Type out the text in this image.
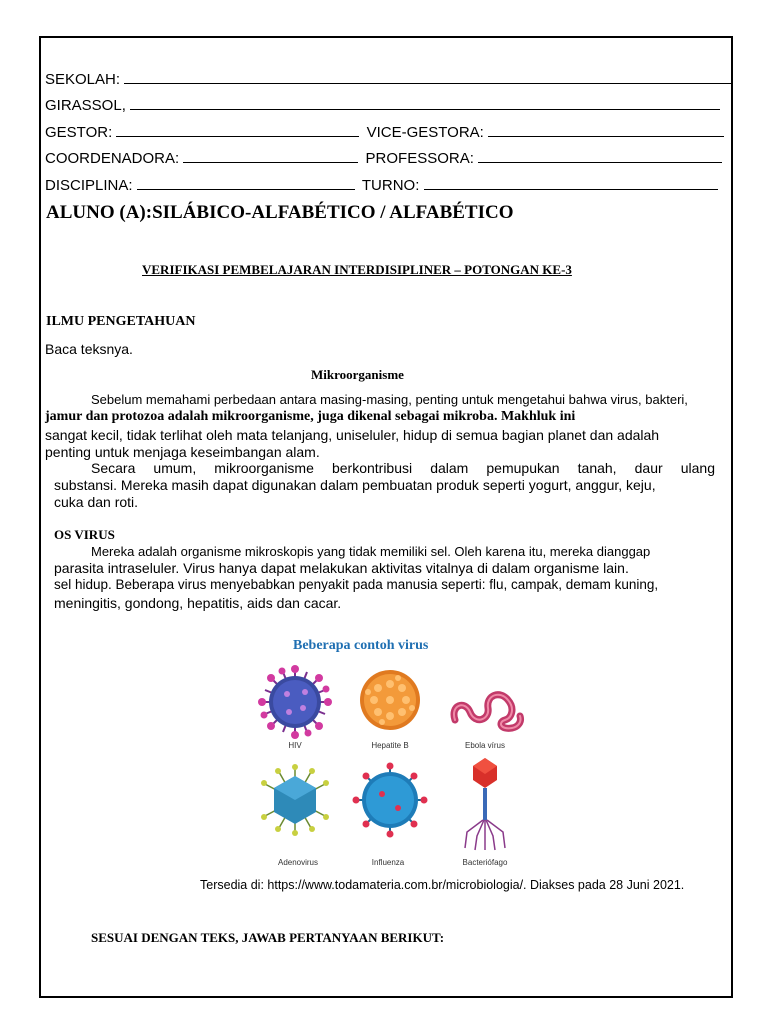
SEKOLAH:
GIRASSOL,
GESTOR:	VICE-GESTORA:
COORDENADORA:	PROFESSORA:
DISCIPLINA:	TURNO:
ALUNO (A):SILÁBICO-ALFABÉTICO / ALFABÉTICO
VERIFIKASI PEMBELAJARAN INTERDISIPLINER – POTONGAN KE-3
ILMU PENGETAHUAN
Baca teksnya.
Mikroorganisme
Sebelum memahami perbedaan antara masing-masing, penting untuk mengetahui bahwa virus, bakteri,
jamur dan protozoa adalah mikroorganisme, juga dikenal sebagai mikroba. Makhluk ini
sangat kecil, tidak terlihat oleh mata telanjang, uniseluler, hidup di semua bagian planet dan adalah
penting untuk menjaga keseimbangan alam.
Secara umum, mikroorganisme berkontribusi dalam pemupukan tanah, daur ulang
substansi. Mereka masih dapat digunakan dalam pembuatan produk seperti yogurt, anggur, keju,
cuka dan roti.
OS VIRUS
Mereka adalah organisme mikroskopis yang tidak memiliki sel. Oleh karena itu, mereka dianggap
parasita intraseluler. Virus hanya dapat melakukan aktivitas vitalnya di dalam organisme lain.
sel hidup. Beberapa virus menyebabkan penyakit pada manusia seperti: flu, campak, demam kuning,
meningitis, gondong, hepatitis, aids dan cacar.
Beberapa contoh virus
HIV	Hepatite B	Ebola vírus
Adenovirus	Influenza	Bacteriófago
Tersedia di: https://www.todamateria.com.br/microbiologia/. Diakses pada 28 Juni 2021.
SESUAI DENGAN TEKS, JAWAB PERTANYAAN BERIKUT:
